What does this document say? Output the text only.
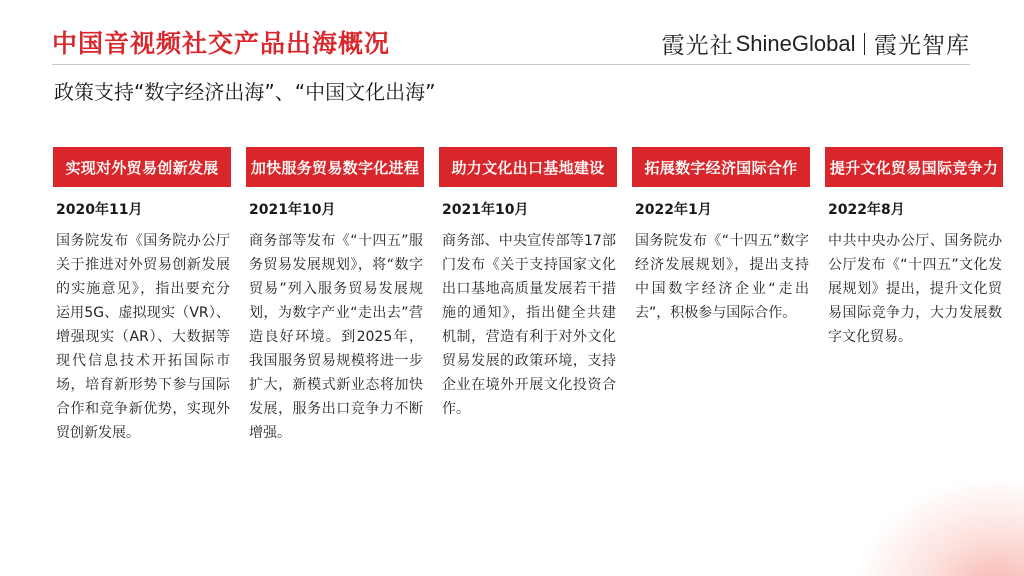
中国音视频社交产品出海概况	霞光社 ShineGlobal 霞光智库
政策支持“数字经济出海”、“中国文化出海”
实现对外贸易创新发展
2020年11月
国务院发布《国务院办公厅关于推进对外贸易创新发展的实施意见》，指出要充分运用5G、虚拟现实（VR）、增强现实（AR）、大数据等现代信息技术开拓国际市场，培育新形势下参与国际合作和竞争新优势，实现外贸创新发展。
加快服务贸易数字化进程
2021年10月
商务部等发布《“十四五”服务贸易发展规划》，将“数字贸易”列入服务贸易发展规划，为数字产业“走出去”营造良好环境。到2025年，我国服务贸易规模将进一步扩大，新模式新业态将加快发展，服务出口竞争力不断增强。
助力文化出口基地建设
2021年10月
商务部、中央宣传部等17部门发布《关于支持国家文化出口基地高质量发展若干措施的通知》，指出健全共建机制，营造有利于对外文化贸易发展的政策环境，支持企业在境外开展文化投资合作。
拓展数字经济国际合作
2022年1月
国务院发布《“十四五”数字经济发展规划》，提出支持中国数字经济企业“走出去”，积极参与国际合作。
提升文化贸易国际竞争力
2022年8月
中共中央办公厅、国务院办公厅发布《“十四五”文化发展规划》提出，提升文化贸易国际竞争力，大力发展数字文化贸易。
